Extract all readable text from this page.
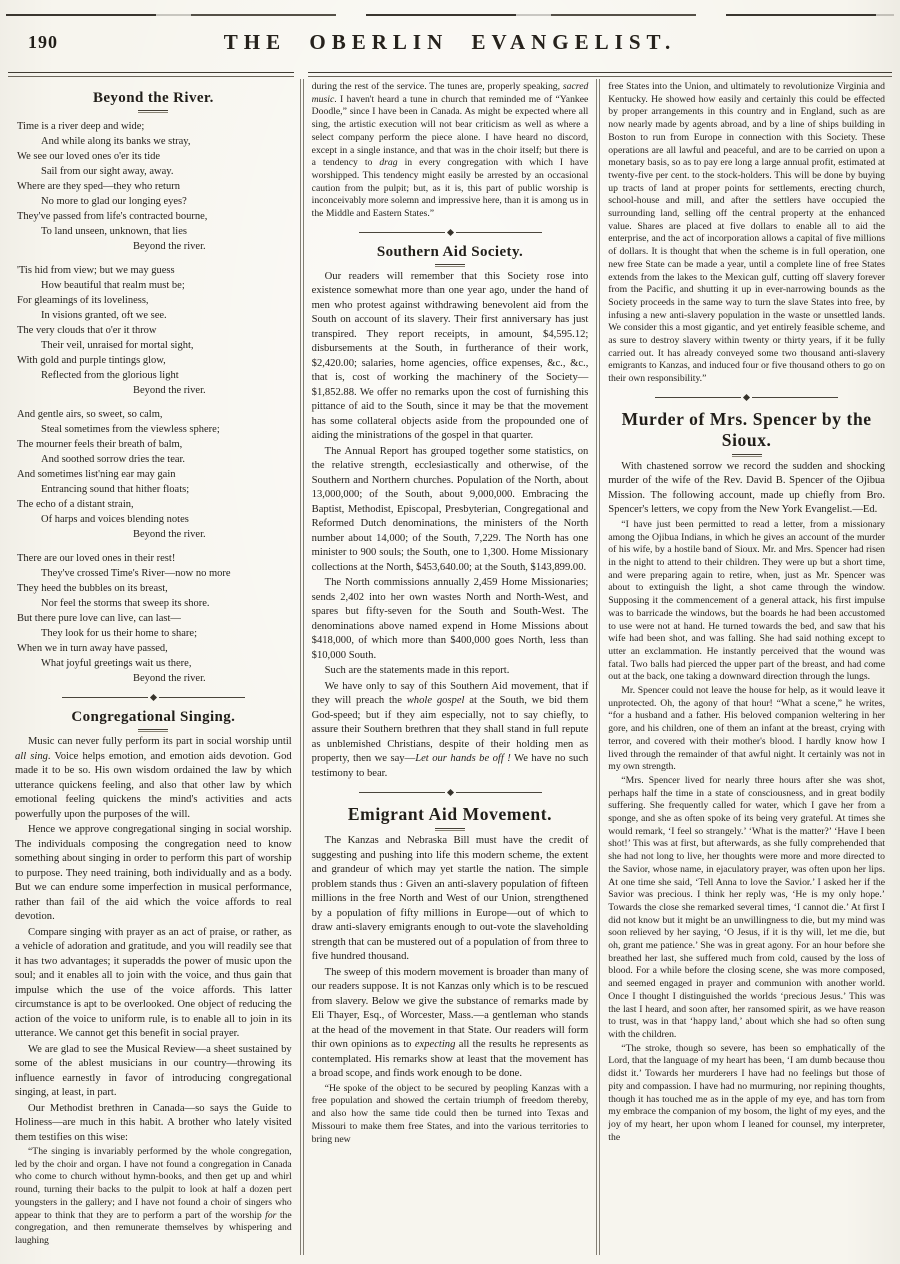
190	THE OBERLIN EVANGELIST.
Beyond the River.
Time is a river deep and wide;
And while along its banks we stray,
We see our loved ones o'er its tide
Sail from our sight away, away.
Where are they sped—they who return
No more to glad our longing eyes?
They've passed from life's contracted bourne,
To land unseen, unknown, that lies
Beyond the river.
'Tis hid from view; but we may guess
How beautiful that realm must be;
For gleamings of its loveliness,
In visions granted, oft we see.
The very clouds that o'er it throw
Their veil, unraised for mortal sight,
With gold and purple tintings glow,
Reflected from the glorious light
Beyond the river.
And gentle airs, so sweet, so calm,
Steal sometimes from the viewless sphere;
The mourner feels their breath of balm,
And soothed sorrow dries the tear.
And sometimes list'ning ear may gain
Entrancing sound that hither floats;
The echo of a distant strain,
Of harps and voices blending notes
Beyond the river.
There are our loved ones in their rest!
They've crossed Time's River—now no more
They heed the bubbles on its breast,
Nor feel the storms that sweep its shore.
But there pure love can live, can last—
They look for us their home to share;
When we in turn away have passed,
What joyful greetings wait us there,
Beyond the river.
Congregational Singing.

Music can never fully perform its part in social worship until all sing. Voice helps emotion, and emotion aids devotion. God made it to be so. His own wisdom ordained the law by which utterance quickens feeling, and also that other law by which emotional feeling quickens the mind's activities and acts powerfully upon the purposes of the will.

Hence we approve congregational singing in social worship. The individuals composing the congregation need to know something about singing in order to perform this part of worship to purpose. They need training, both individually and as a body. But we can endure some imperfection in musical performance, rather than fail of the aid which the voice affords to real devotion.

Compare singing with prayer as an act of praise, or rather, as a vehicle of adoration and gratitude, and you will readily see that it has two advantages; it superadds the power of music upon the soul; and it enables all to join with the voice, and thus gain that impulse which the use of the voice affords. This latter circumstance is apt to be overlooked. One object of reducing the action of the voice to uniform rule, is to enable all to join in its utterance. We cannot get this benefit in social prayer.

We are glad to see the Musical Review—a sheet sustained by some of the ablest musicians in our country—throwing its influence earnestly in favor of introducing congregational singing, at least, in part.

Our Methodist brethren in Canada—so says the Guide to Holiness—are much in this habit. A brother who lately visited them testifies on this wise:

“The singing is invariably performed by the whole congregation, led by the choir and organ. I have not found a congregation in Canada who come to church without hymn-books, and then get up and whirl round, turning their backs to the pulpit to look at half a dozen pert youngsters in the gallery; and I have not found a choir of singers who appear to think that they are to perform a part of the worship for the congregation, and then remunerate themselves by whispering and laughing

during the rest of the service. The tunes are, properly speaking, sacred music. I haven't heard a tune in church that reminded me of “Yankee Doodle,” since I have been in Canada. As might be expected where all sing, the artistic execution will not bear criticism as well as where a select company perform the piece alone. I have heard no discord, except in a single instance, and that was in the choir itself; but there is a tendency to drag in every congregation with which I have worshipped. This tendency might easily be arrested by an occasional caution from the pulpit; but, as it is, this part of public worship is inconceivably more solemn and impressive here, than it is among us in the Middle and Eastern States.”

Southern Aid Society.

Our readers will remember that this Society rose into existence somewhat more than one year ago, under the hand of men who protest against withdrawing benevolent aid from the South on account of its slavery. Their first anniversary has just transpired. They report receipts, in amount, $4,595.12; disbursements at the South, in furtherance of their work, $2,420.00; salaries, home agencies, office expenses, &c., &c., that is, cost of working the machinery of the Society—$1,852.88. We offer no remarks upon the cost of furnishing this pittance of aid to the South, since it may be that the movement has some collateral objects aside from the propounded one of aiding the ministrations of the gospel in that quarter.

The Annual Report has grouped together some statistics, on the relative strength, ecclesiastically and otherwise, of the Southern and Northern churches. Population of the North, about 13,000,000; of the South, about 9,000,000. Embracing the Baptist, Methodist, Episcopal, Presbyterian, Congregational and Reformed Dutch denominations, the ministers of the North number about 14,000; of the South, 7,229. The North has one minister to 900 souls; the South, one to 1,300. Home Missionary collections at the North, $453,640.00; at the South, $143,899.00.

The North commissions annually 2,459 Home Missionaries; sends 2,402 into her own wastes North and North-West, and spares but fifty-seven for the South and South-West. The denominations above named expend in Home Missions about $418,000, of which more than $400,000 goes North, less than $10,000 South.

Such are the statements made in this report.

We have only to say of this Southern Aid movement, that if they will preach the whole gospel at the South, we bid them God-speed; but if they aim especially, not to say chiefly, to assure their Southern brethren that they shall stand in full repute as unblemished Christians, despite of their holding men as property, then we say—Let our hands be off ! We have no such testimony to bear.

Emigrant Aid Movement.

The Kanzas and Nebraska Bill must have the credit of suggesting and pushing into life this modern scheme, the extent and grandeur of which may yet startle the nation. The simple problem stands thus : Given an anti-slavery population of fifteen millions in the free North and West of our Union, strengthened by a population of fifty millions in Europe—out of which to draw anti-slavery emigrants enough to out-vote the slaveholding strength that can be mustered out of a population of from three to five hundred thousand.

The sweep of this modern movement is broader than many of our readers suppose. It is not Kanzas only which is to be rescued from slavery. Below we give the substance of remarks made by Eli Thayer, Esq., of Worcester, Mass.—a gentleman who stands at the head of the movement in that State. Our readers will form thir own opinions as to expecting all the results he represents as contemplated. His remarks show at least that the movement has a broad scope, and finds work enough to be done.

“He spoke of the object to be secured by peopling Kanzas with a free population and showed the certain triumph of freedom thereby, and also how the same tide could then be turned into Texas and Missouri to make them free States, and into the various territories to bring new

free States into the Union, and ultimately to revolutionize Virginia and Kentucky. He showed how easily and certainly this could be effected by proper arrangements in this country and in England, such as are now nearly made by agents abroad, and by a line of ships building in Boston to run from Europe in connection with this Society. These operations are all lawful and peaceful, and are to be carried on upon a monetary basis, so as to pay ere long a large annual profit, estimated at twenty-five per cent. to the stock-holders. This will be done by buying up tracts of land at proper points for settlements, erecting church, school-house and mill, and after the settlers have occupied the surrounding land, selling off the central property at the enhanced value. Shares are placed at five dollars to enable all to aid the enterprise, and the act of incorporation allows a capital of five millions of dollars. It is thought that when the scheme is in full operation, one new free State can be made a year, until a complete line of free States extends from the lakes to the Mexican gulf, cutting off slavery forever from the Pacific, and shutting it up in ever-narrowing bounds as the Society proceeds in the same way to turn the slave States into free, by infusing a new anti-slavery population in the waste or unsettled lands. We consider this a most gigantic, and yet entirely feasible scheme, and as sure to destroy slavery within twenty or thirty years, if it be fully carried out. It has already conveyed some two thousand anti-slavery emigrants to Kanzas, and induced four or five thousand others to go on their own responsibility.”

Murder of Mrs. Spencer by the Sioux.

With chastened sorrow we record the sudden and shocking murder of the wife of the Rev. David B. Spencer of the Ojibua Mission. The following account, made up chiefly from Bro. Spencer's letters, we copy from the New York Evangelist.—Ed.

“I have just been permitted to read a letter, from a missionary among the Ojibua Indians, in which he gives an account of the murder of his wife, by a hostile band of Sioux. Mr. and Mrs. Spencer had risen in the night to attend to their children. They were up but a short time, and were preparing again to retire, when, just as Mr. Spencer was about to extinguish the light, a shot came through the window. Supposing it the commencement of a general attack, his first impulse was to barricade the windows, but the boards he had been accustomed to use were not at hand. He turned towards the bed, and saw that his wife had been shot, and was falling. She had said nothing except to utter an exclammation. He instantly perceived that the wound was fatal. Two balls had pierced the upper part of the breast, and had come out at the back, one taking a downward direction through the lungs.

Mr. Spencer could not leave the house for help, as it would leave it unprotected. Oh, the agony of that hour! “What a scene,” he writes, “for a husband and a father. His beloved companion weltering in her gore, and his children, one of them an infant at the breast, crying with terror, and covered with their mother's blood. I hardly know how I lived through the remainder of that awful night. It certainly was not in my own strength.

“Mrs. Spencer lived for nearly three hours after she was shot, perhaps half the time in a state of consciousness, and in great bodily suffering. She frequently called for water, which I gave her from a sponge, and she as often spoke of its being very grateful. At times she would remark, ‘I feel so strangely.’ ‘What is the matter?’ ‘Have I been shot!’ This was at first, but afterwards, as she fully comprehended that she had not long to live, her thoughts were more and more directed to the Savior, whose name, in ejaculatory prayer, was often upon her lips. At one time she said, ‘Tell Anna to love the Savior.’ I asked her if the Savior was precious. I think her reply was, ‘He is my only hope.’ Towards the close she remarked several times, ‘I cannot die.’ At first I did not know but it might be an unwillingness to die, but my mind was soon relieved by her saying, ‘O Jesus, if it is thy will, let me die, but oh, grant me patience.’ She was in great agony. For an hour before she breathed her last, she suffered much from cold, caused by the loss of blood. For a while before the closing scene, she was more composed, and seemed engaged in prayer and communion with another world. Once I thought I distinguished the worlds ‘precious Jesus.’ This was the last I heard, and soon after, her ransomed spirit, as we have reason to trust, was in that ‘happy land,’ about which she had so often sung with the children.

“The stroke, though so severe, has been so emphatically of the Lord, that the language of my heart has been, ‘I am dumb because thou didst it.’ Towards her murderers I have had no feelings but those of pity and compassion. I have had no murmuring, nor repining thoughts, though it has touched me as in the apple of my eye, and has torn from my embrace the companion of my bosom, the light of my eyes, and the joy of my heart, her upon whom I leaned for counsel, my interpreter, the
